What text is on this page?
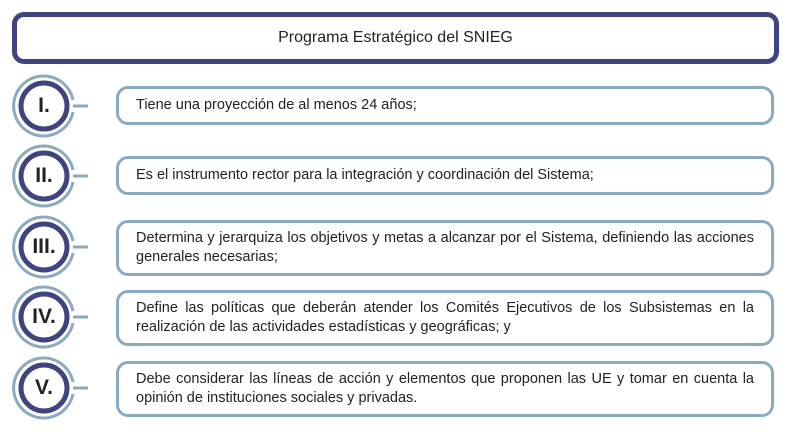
Programa Estratégico del SNIEG
I.	Tiene una proyección de al menos 24 años;
II.	Es el instrumento rector para la integración y coordinación del Sistema;
III.	Determina y jerarquiza los objetivos y metas a alcanzar por el Sistema, definiendo las acciones generales necesarias;
IV.	Define las políticas que deberán atender los Comités Ejecutivos de los Subsistemas en la realización de las actividades estadísticas y geográficas; y
V.	Debe considerar las líneas de acción y elementos que proponen las UE y tomar en cuenta la opinión de instituciones sociales y privadas.
